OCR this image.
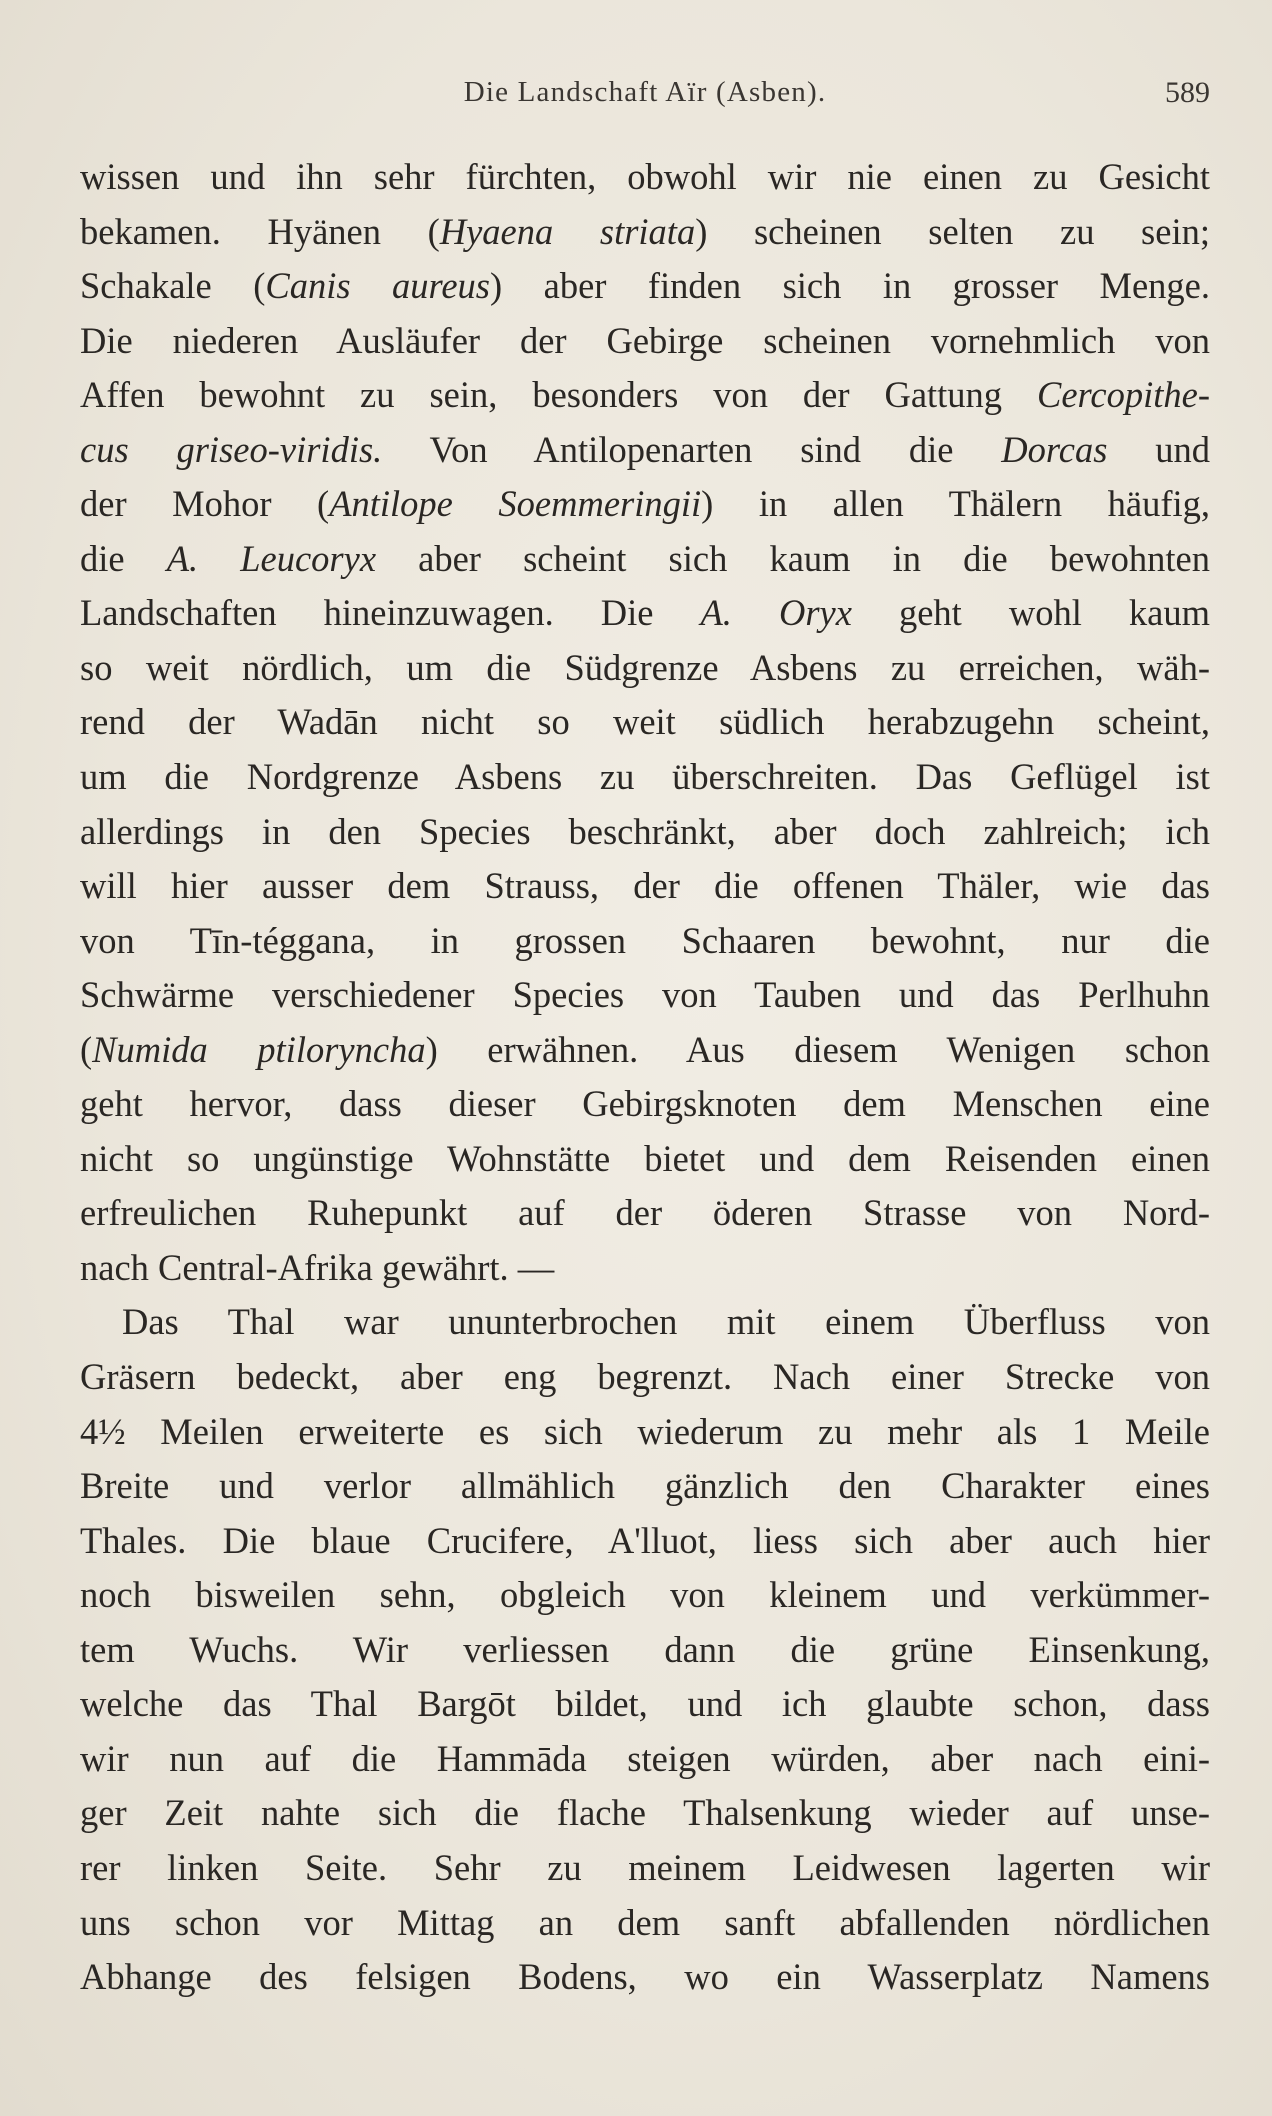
Die Landschaft Aïr (Asben).	589
wissen und ihn sehr fürchten, obwohl wir nie einen zu Gesicht
bekamen. Hyänen (Hyaena striata) scheinen selten zu sein;
Schakale (Canis aureus) aber finden sich in grosser Menge.
Die niederen Ausläufer der Gebirge scheinen vornehmlich von
Affen bewohnt zu sein, besonders von der Gattung Cercopithe-
cus griseo-viridis. Von Antilopenarten sind die Dorcas und
der Mohor (Antilope Soemmeringii) in allen Thälern häufig,
die A. Leucoryx aber scheint sich kaum in die bewohnten
Landschaften hineinzuwagen. Die A. Oryx geht wohl kaum
so weit nördlich, um die Südgrenze Asbens zu erreichen, wäh-
rend der Wadān nicht so weit südlich herabzugehn scheint,
um die Nordgrenze Asbens zu überschreiten. Das Geflügel ist
allerdings in den Species beschränkt, aber doch zahlreich; ich
will hier ausser dem Strauss, der die offenen Thäler, wie das
von Tīn-téggana, in grossen Schaaren bewohnt, nur die
Schwärme verschiedener Species von Tauben und das Perlhuhn
(Numida ptiloryncha) erwähnen. Aus diesem Wenigen schon
geht hervor, dass dieser Gebirgsknoten dem Menschen eine
nicht so ungünstige Wohnstätte bietet und dem Reisenden einen
erfreulichen Ruhepunkt auf der öderen Strasse von Nord-
nach Central-Afrika gewährt. —
Das Thal war ununterbrochen mit einem Überfluss von
Gräsern bedeckt, aber eng begrenzt. Nach einer Strecke von
4½ Meilen erweiterte es sich wiederum zu mehr als 1 Meile
Breite und verlor allmählich gänzlich den Charakter eines
Thales. Die blaue Crucifere, A'lluot, liess sich aber auch hier
noch bisweilen sehn, obgleich von kleinem und verkümmer-
tem Wuchs. Wir verliessen dann die grüne Einsenkung,
welche das Thal Bargōt bildet, und ich glaubte schon, dass
wir nun auf die Hammāda steigen würden, aber nach eini-
ger Zeit nahte sich die flache Thalsenkung wieder auf unse-
rer linken Seite. Sehr zu meinem Leidwesen lagerten wir
uns schon vor Mittag an dem sanft abfallenden nördlichen
Abhange des felsigen Bodens, wo ein Wasserplatz Namens
